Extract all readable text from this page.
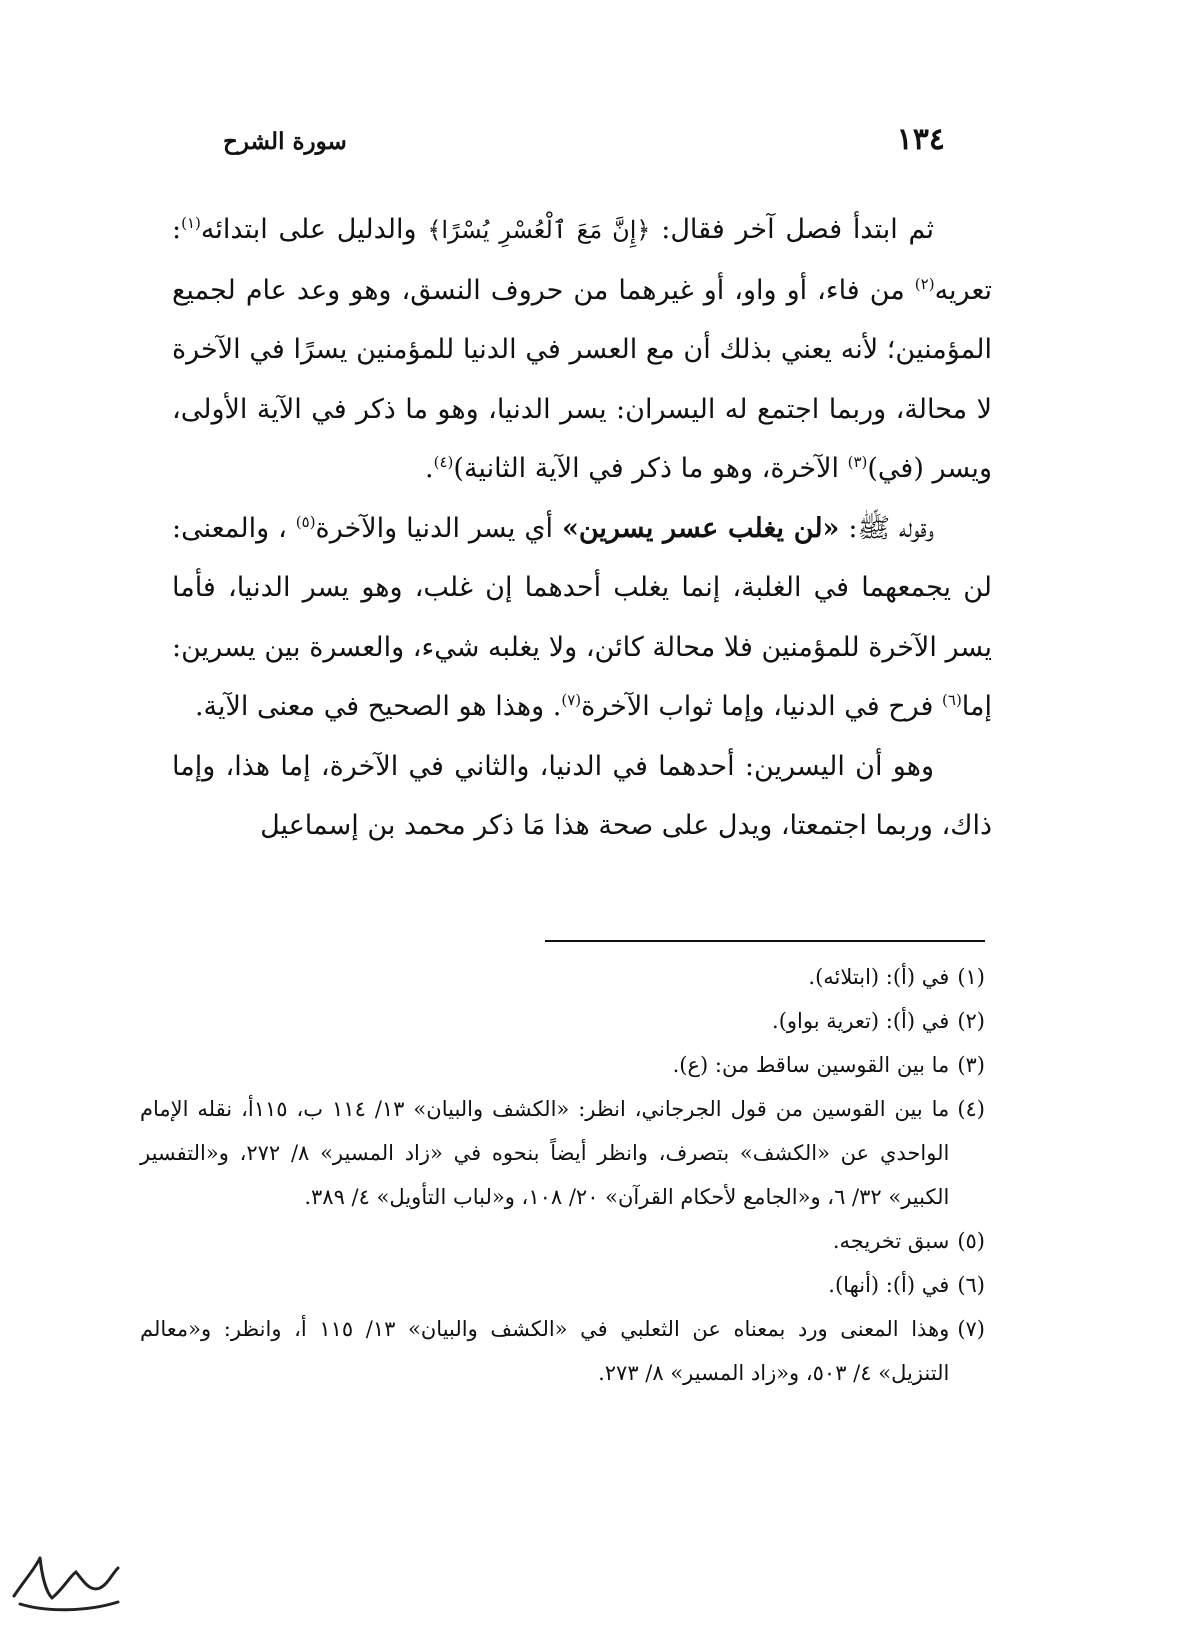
١٣٤
سورة الشرح

ثم ابتدأ فصل آخر فقال: ﴿إِنَّ مَعَ ٱلْعُسْرِ يُسْرًا﴾ والدليل على ابتدائه$^{(١)}$: تعريه$^{(٢)}$ من فاء، أو واو، أو غيرهما من حروف النسق، وهو وعد عام لجميع المؤمنين؛ لأنه يعني بذلك أن مع العسر في الدنيا للمؤمنين يسرًا في الآخرة لا محالة، وربما اجتمع له اليسران: يسر الدنيا، وهو ما ذكر في الآية الأولى، ويسر (في)$^{(٣)}$ الآخرة، وهو ما ذكر في الآية الثانية)$^{(٤)}$.

وقوله ﷺ: «لن يغلب عسر يسرين» أي يسر الدنيا والآخرة$^{(٥)}$ ، والمعنى: لن يجمعهما في الغلبة، إنما يغلب أحدهما إن غلب، وهو يسر الدنيا، فأما يسر الآخرة للمؤمنين فلا محالة كائن، ولا يغلبه شيء، والعسرة بين يسرين: إما$^{(٦)}$ فرح في الدنيا، وإما ثواب الآخرة$^{(٧)}$. وهذا هو الصحيح في معنى الآية.

وهو أن اليسرين: أحدهما في الدنيا، والثاني في الآخرة، إما هذا، وإما ذاك، وربما اجتمعتا، ويدل على صحة هذا مَا ذكر محمد بن إسماعيل

(١)
في (أ): (ابتلائه).
(٢)
في (أ): (تعرية بواو).
(٣)
ما بين القوسين ساقط من: (ع).
(٤)
ما بين القوسين من قول الجرجاني، انظر: «الكشف والبيان» ١٣/ ١١٤ ب، ١١٥أ، نقله الإمام الواحدي عن «الكشف» بتصرف، وانظر أيضاً بنحوه في «زاد المسير» ٨/ ٢٧٢، و«التفسير الكبير» ٣٢/ ٦، و«الجامع لأحكام القرآن» ٢٠/ ١٠٨، و«لباب التأويل» ٤/ ٣٨٩.
(٥)
سبق تخريجه.
(٦)
في (أ): (أنها).
(٧)
وهذا المعنى ورد بمعناه عن الثعلبي في «الكشف والبيان» ١٣/ ١١٥ أ، وانظر: و«معالم التنزيل» ٤/ ٥٠٣، و«زاد المسير» ٨/ ٢٧٣.
